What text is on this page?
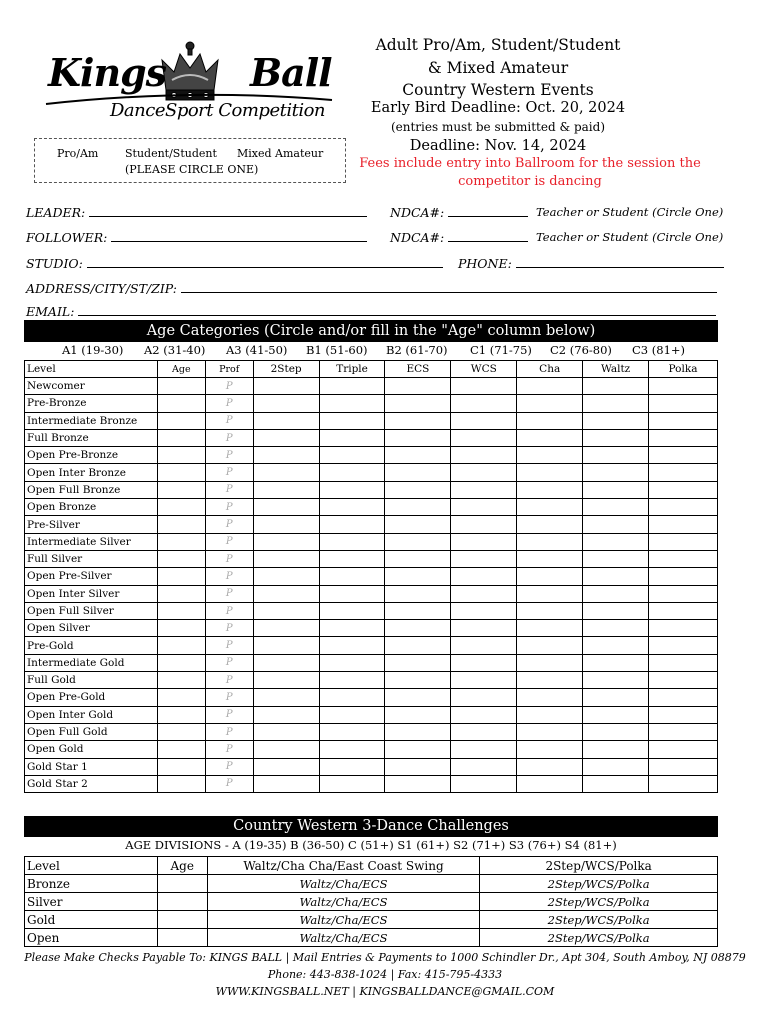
Kings Ball
DanceSport Competition
Adult Pro/Am, Student/Student
& Mixed Amateur
Country Western Events
Early Bird Deadline: Oct. 20, 2024
(entries must be submitted & paid)
Deadline: Nov. 14, 2024
Fees include entry into Ballroom for the session the competitor is dancing
Pro/Am Student/Student Mixed Amateur
(PLEASE CIRCLE ONE)
LEADER:	NDCA#:	Teacher or Student (Circle One)
FOLLOWER:	NDCA#:	Teacher or Student (Circle One)
STUDIO:	PHONE:
ADDRESS/CITY/ST/ZIP:
EMAIL:
Age Categories (Circle and/or fill in the "Age" column below)
A1 (19-30) A2 (31-40) A3 (41-50) B1 (51-60) B2 (61-70) C1 (71-75) C2 (76-80) C3 (81+)
Level	Age	Prof	2Step	Triple	ECS	WCS	Cha	Waltz	Polka
Newcomer		P							
Pre-Bronze		P							
Intermediate Bronze		P							
Full Bronze		P							
Open Pre-Bronze		P							
Open Inter Bronze		P							
Open Full Bronze		P							
Open Bronze		P							
Pre-Silver		P							
Intermediate Silver		P							
Full Silver		P							
Open Pre-Silver		P							
Open Inter Silver		P							
Open Full Silver		P							
Open Silver		P							
Pre-Gold		P							
Intermediate Gold		P							
Full Gold		P							
Open Pre-Gold		P							
Open Inter Gold		P							
Open Full Gold		P							
Open Gold		P							
Gold Star 1		P							
Gold Star 2		P							
Country Western 3-Dance Challenges
AGE DIVISIONS - A (19-35) B (36-50) C (51+) S1 (61+) S2 (71+) S3 (76+) S4 (81+)
Level	Age	Waltz/Cha Cha/East Coast Swing	2Step/WCS/Polka
Bronze		Waltz/Cha/ECS	2Step/WCS/Polka
Silver		Waltz/Cha/ECS	2Step/WCS/Polka
Gold		Waltz/Cha/ECS	2Step/WCS/Polka
Open		Waltz/Cha/ECS	2Step/WCS/Polka
Please Make Checks Payable To: KINGS BALL | Mail Entries & Payments to 1000 Schindler Dr., Apt 304, South Amboy, NJ 08879
Phone: 443-838-1024 | Fax: 415-795-4333
WWW.KINGSBALL.NET | KINGSBALLDANCE@GMAIL.COM
